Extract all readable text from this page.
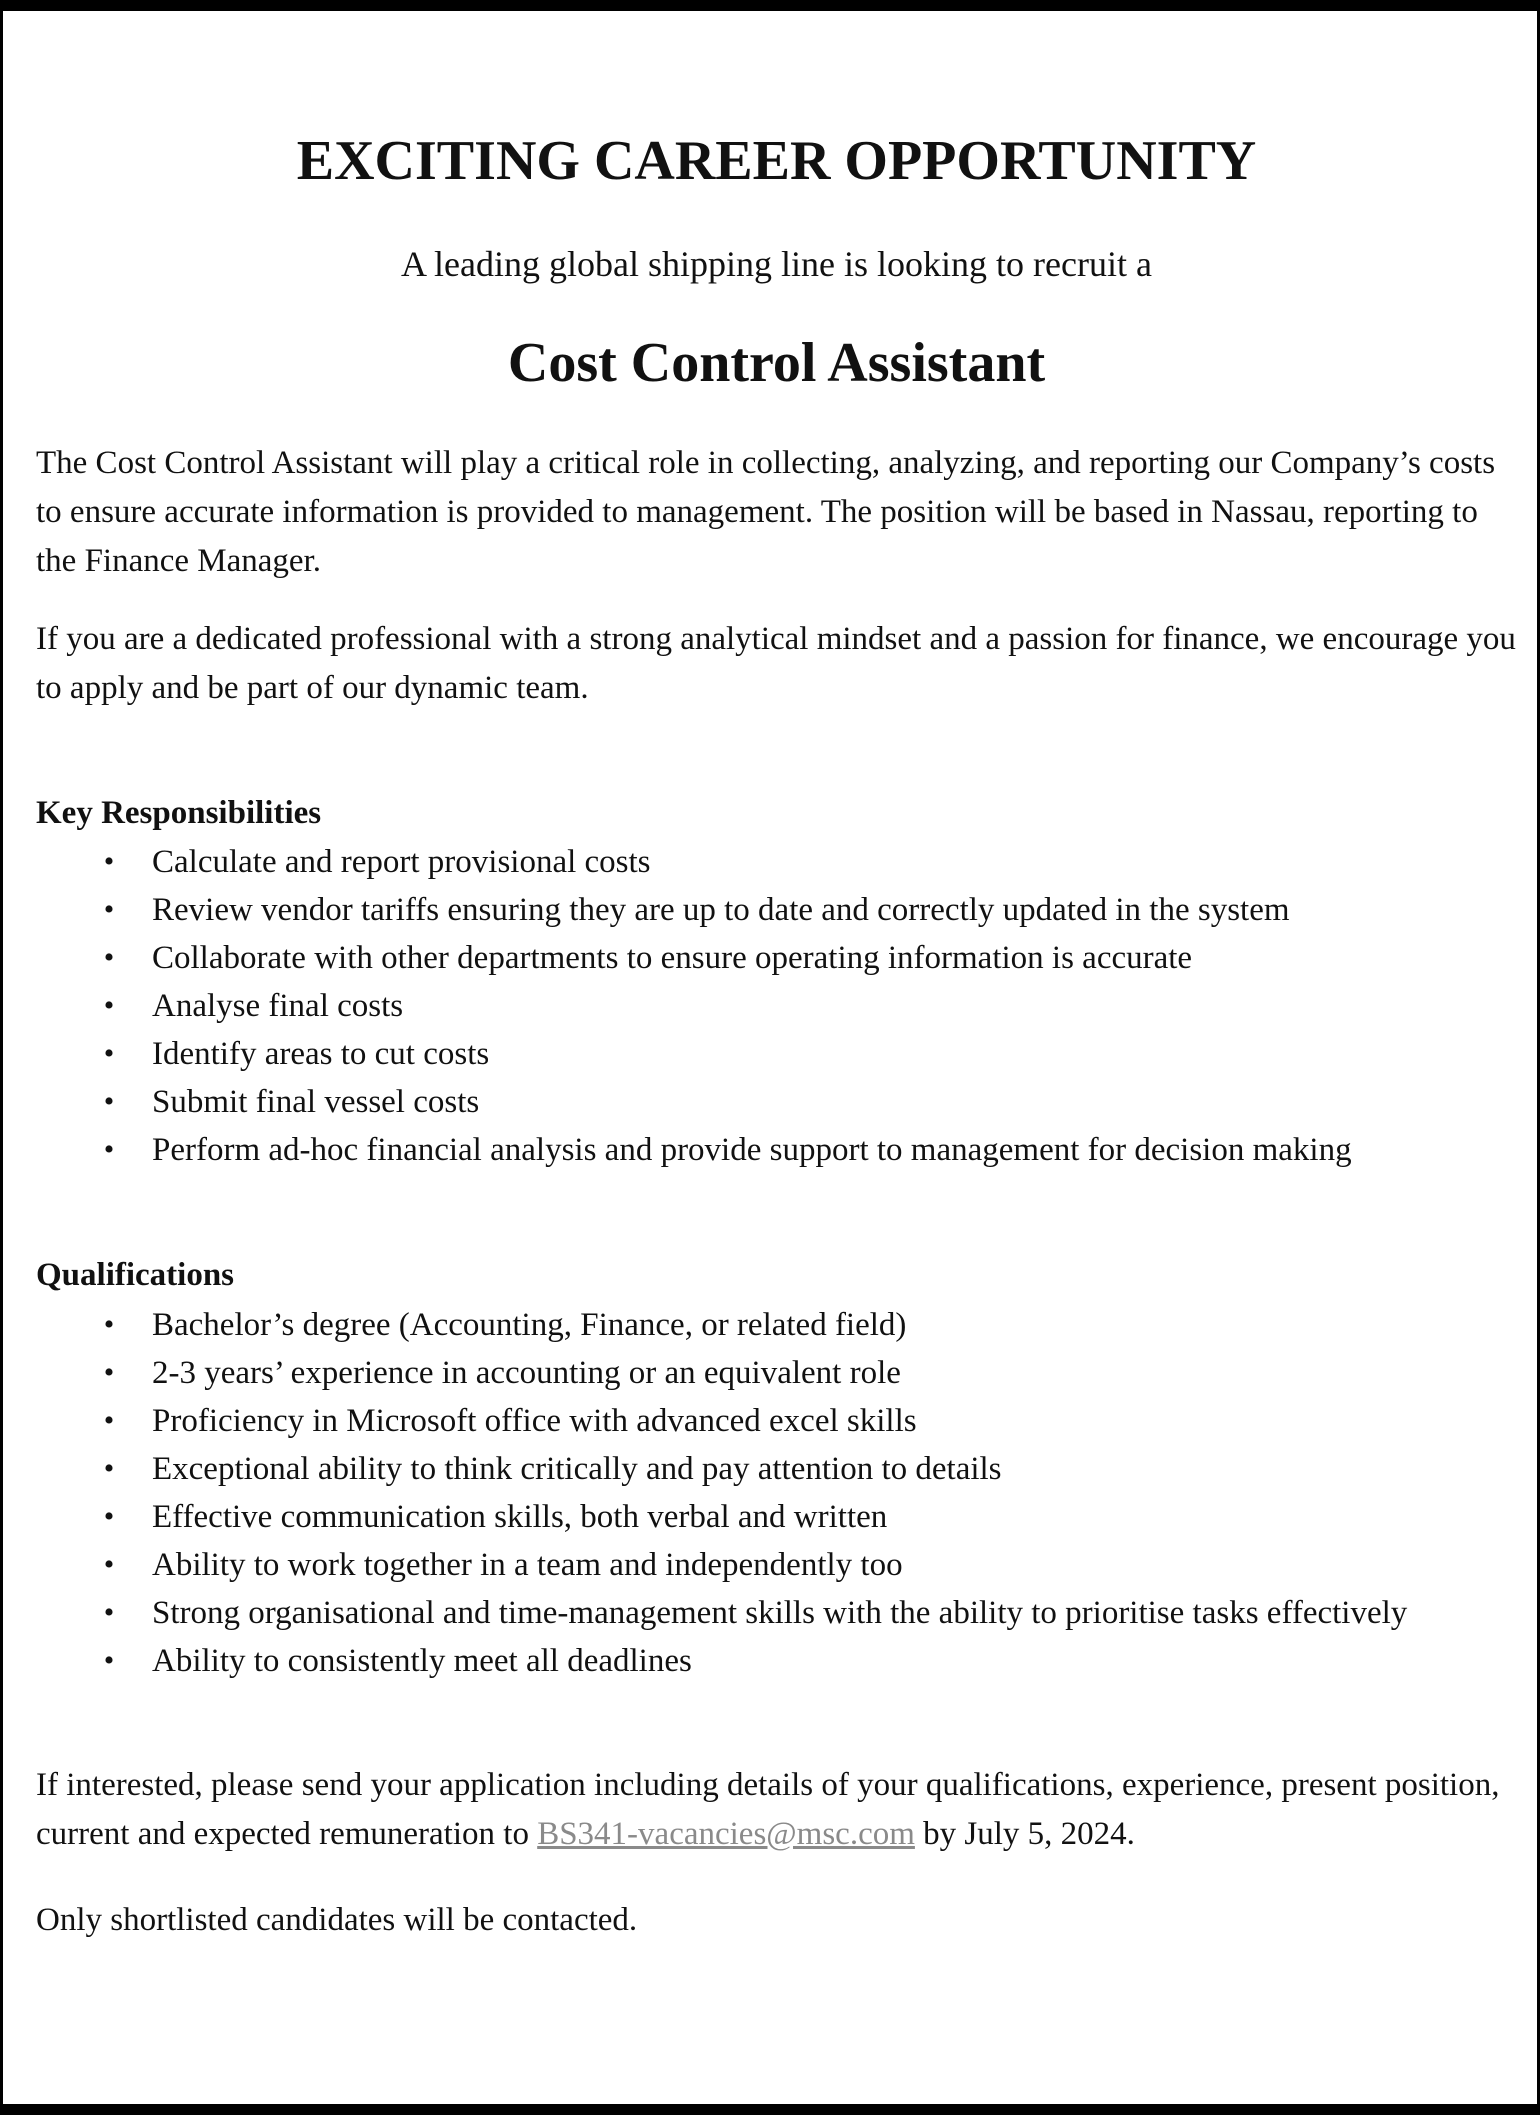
EXCITING CAREER OPPORTUNITY

A leading global shipping line is looking to recruit a

Cost Control Assistant

The Cost Control Assistant will play a critical role in collecting, analyzing, and reporting our Company’s costs to ensure accurate information is provided to management. The position will be based in Nassau, reporting to the Finance Manager.

If you are a dedicated professional with a strong analytical mindset and a passion for finance, we encourage you to apply and be part of our dynamic team.

Key Responsibilities
• Calculate and report provisional costs
• Review vendor tariffs ensuring they are up to date and correctly updated in the system
• Collaborate with other departments to ensure operating information is accurate
• Analyse final costs
• Identify areas to cut costs
• Submit final vessel costs
• Perform ad-hoc financial analysis and provide support to management for decision making
Qualifications
• Bachelor’s degree (Accounting, Finance, or related field)
• 2-3 years’ experience in accounting or an equivalent role
• Proficiency in Microsoft office with advanced excel skills
• Exceptional ability to think critically and pay attention to details
• Effective communication skills, both verbal and written
• Ability to work together in a team and independently too
• Strong organisational and time-management skills with the ability to prioritise tasks effectively
• Ability to consistently meet all deadlines

If interested, please send your application including details of your qualifications, experience, present position, current and expected remuneration to BS341-vacancies@msc.com by July 5, 2024.

Only shortlisted candidates will be contacted.
